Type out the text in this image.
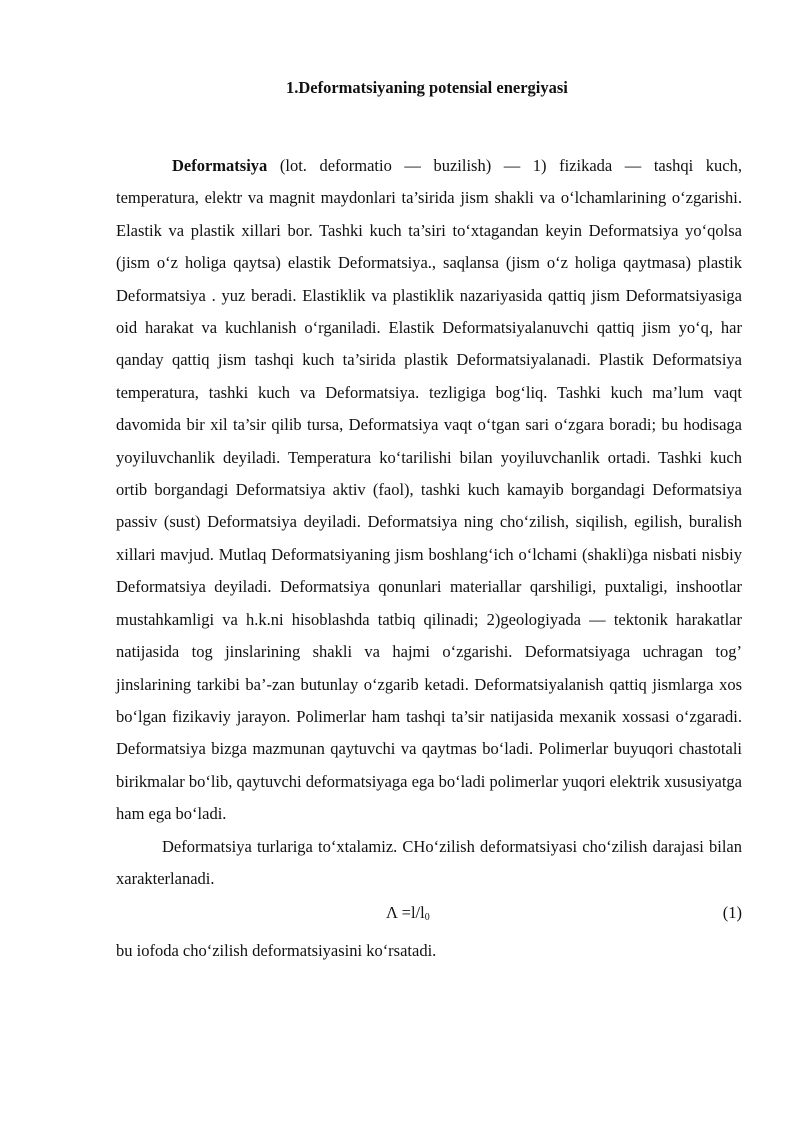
1.Deformatsiyaning potensial energiyasi

Deformatsiya (lot. deformatio — buzilish) — 1) fizikada — tashqi kuch, temperatura, elektr va magnit maydonlari ta’sirida jism shakli va o‘lchamlarining o‘zgarishi. Elastik va plastik xillari bor. Tashki kuch ta’siri to‘xtagandan keyin Deformatsiya yo‘qolsa (jism o‘z holiga qaytsa) elastik Deformatsiya., saqlansa (jism o‘z holiga qaytmasa) plastik Deformatsiya . yuz beradi. Elastiklik va plastiklik nazariyasida qattiq jism Deformatsiyasiga oid harakat va kuchlanish o‘rganiladi. Elastik Deformatsiyalanuvchi qattiq jism yo‘q, har qanday qattiq jism tashqi kuch ta’sirida plastik Deformatsiyalanadi. Plastik Deformatsiya temperatura, tashki kuch va Deformatsiya. tezligiga bog‘liq. Tashki kuch ma’lum vaqt davomida bir xil ta’sir qilib tursa, Deformatsiya vaqt o‘tgan sari o‘zgara boradi; bu hodisaga yoyiluvchanlik deyiladi. Temperatura ko‘tarilishi bilan yoyiluvchanlik ortadi. Tashki kuch ortib borgandagi Deformatsiya aktiv (faol), tashki kuch kamayib borgandagi Deformatsiya passiv (sust) Deformatsiya deyiladi. Deformatsiya ning cho‘zilish, siqilish, egilish, buralish xillari mavjud. Mutlaq Deformatsiyaning jism boshlang‘ich o‘lchami (shakli)ga nisbati nisbiy Deformatsiya deyiladi. Deformatsiya qonunlari materiallar qarshiligi, puxtaligi, inshootlar mustahkamligi va h.k.ni hisoblashda tatbiq qilinadi; 2)geologiyada — tektonik harakatlar natijasida tog jinslarining shakli va hajmi o‘zgarishi. Deformatsiyaga uchragan tog’ jinslarining tarkibi ba’-zan butunlay o‘zgarib ketadi. Deformatsiyalanish qattiq jismlarga xos bo‘lgan fizikaviy jarayon. Polimerlar ham tashqi ta’sir natijasida mexanik xossasi o‘zgaradi. Deformatsiya bizga mazmunan qaytuvchi va qaytmas bo‘ladi. Polimerlar buyuqori chastotali birikmalar bo‘lib, qaytuvchi deformatsiyaga ega bo‘ladi polimerlar yuqori elektrik xususiyatga ham ega bo‘ladi.

Deformatsiya turlariga to‘xtalamiz. CHo‘zilish deformatsiyasi cho‘zilish darajasi bilan xarakterlanadi.

$\Lambda =l/l_0$	(1)

bu iofoda cho‘zilish deformatsiyasini ko‘rsatadi.
